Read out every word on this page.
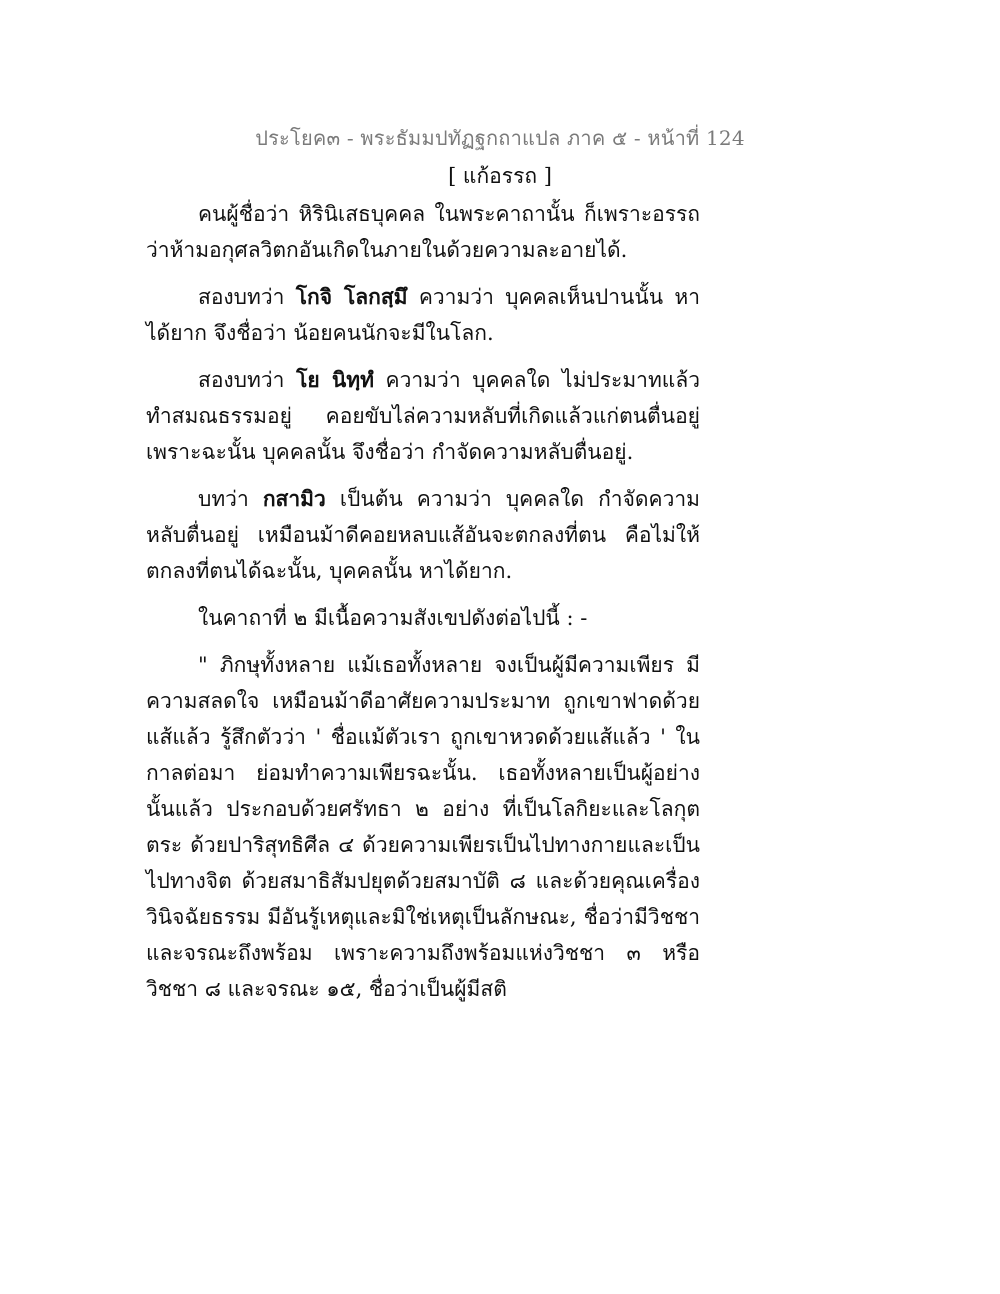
ประโยค๓ - พระธัมมปทัฏฐกถาแปล ภาค ๕ - หน้าที่ 124
[ แก้อรรถ ]

คนผู้ชื่อว่า หิรินิเสธบุคคล ในพระคาถานั้น ก็เพราะอรรถว่าห้ามอกุศลวิตกอันเกิดในภายในด้วยความละอายได้.

สองบทว่า โกจิ โลกสฺมึ ความว่า บุคคลเห็นปานนั้น หาได้ยาก จึงชื่อว่า น้อยคนนักจะมีในโลก.

สองบทว่า โย นิทฺทํ ความว่า บุคคลใด ไม่ประมาทแล้ว ทำสมณธรรมอยู่ คอยขับไล่ความหลับที่เกิดแล้วแก่ตนตื่นอยู่ เพราะฉะนั้น บุคคลนั้น จึงชื่อว่า กำจัดความหลับตื่นอยู่.

บทว่า กสามิว เป็นต้น ความว่า บุคคลใด กำจัดความหลับตื่นอยู่ เหมือนม้าดีคอยหลบแส้อันจะตกลงที่ตน คือไม่ให้ตกลงที่ตนได้ฉะนั้น, บุคคลนั้น หาได้ยาก.

ในคาถาที่ ๒ มีเนื้อความสังเขปดังต่อไปนี้ : -

" ภิกษุทั้งหลาย แม้เธอทั้งหลาย จงเป็นผู้มีความเพียร มีความสลดใจ เหมือนม้าดีอาศัยความประมาท ถูกเขาฟาดด้วยแส้แล้ว รู้สึกตัวว่า ' ชื่อแม้ตัวเรา ถูกเขาหวดด้วยแส้แล้ว ' ในกาลต่อมา ย่อมทำความเพียรฉะนั้น. เธอทั้งหลายเป็นผู้อย่างนั้นแล้ว ประกอบด้วยศรัทธา ๒ อย่าง ที่เป็นโลกิยะและโลกุตตระ ด้วยปาริสุทธิศีล ๔ ด้วยความเพียรเป็นไปทางกายและเป็นไปทางจิต ด้วยสมาธิสัมปยุตด้วยสมาบัติ ๘ และด้วยคุณเครื่องวินิจฉัยธรรม มีอันรู้เหตุและมิใช่เหตุเป็นลักษณะ, ชื่อว่ามีวิชชาและจรณะถึงพร้อม เพราะความถึงพร้อมแห่งวิชชา ๓ หรือวิชชา ๘ และจรณะ ๑๕, ชื่อว่าเป็นผู้มีสติ
